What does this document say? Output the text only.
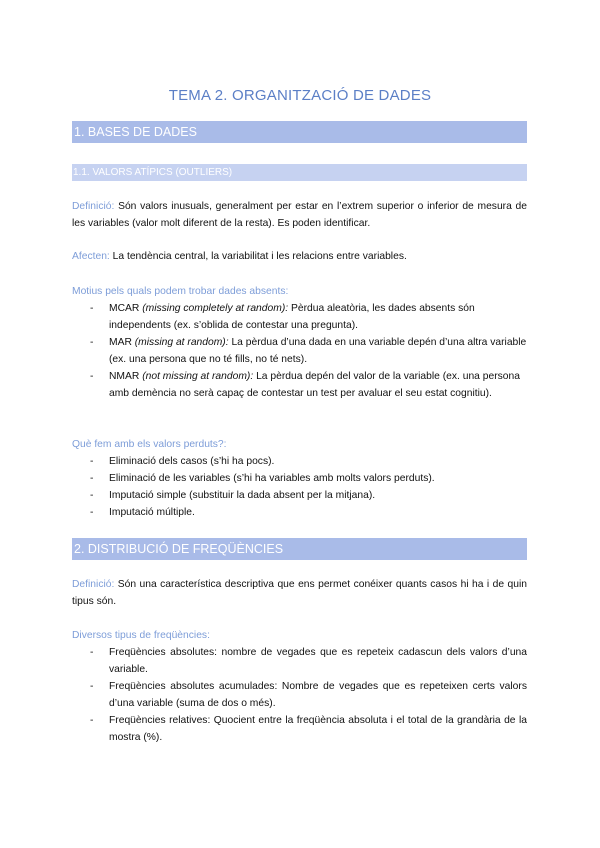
TEMA 2. ORGANITZACIÓ DE DADES
1. BASES DE DADES
1.1. VALORS ATÍPICS (OUTLIERS)
Definició: Són valors inusuals, generalment per estar en l’extrem superior o inferior de mesura de les variables (valor molt diferent de la resta). Es poden identificar.
Afecten: La tendència central, la variabilitat i les relacions entre variables.
Motius pels quals podem trobar dades absents:
- MCAR (missing completely at random): Pèrdua aleatòria, les dades absents són independents (ex. s’oblida de contestar una pregunta).
- MAR (missing at random): La pèrdua d’una dada en una variable depén d’una altra variable (ex. una persona que no té fills, no té nets).
- NMAR (not missing at random): La pèrdua depén del valor de la variable (ex. una persona amb demència no serà capaç de contestar un test per avaluar el seu estat cognitiu).
Què fem amb els valors perduts?:
- Eliminació dels casos (s’hi ha pocs).
- Eliminació de les variables (s’hi ha variables amb molts valors perduts).
- Imputació simple (substituir la dada absent per la mitjana).
- Imputació múltiple.
2. DISTRIBUCIÓ DE FREQÜÈNCIES
Definició: Són una característica descriptiva que ens permet conéixer quants casos hi ha i de quin tipus són.
Diversos tipus de freqüències:
- Freqüències absolutes: nombre de vegades que es repeteix cadascun dels valors d’una variable.
- Freqüències absolutes acumulades: Nombre de vegades que es repeteixen certs valors d’una variable (suma de dos o més).
- Freqüències relatives: Quocient entre la freqüència absoluta i el total de la grandària de la mostra (%).
